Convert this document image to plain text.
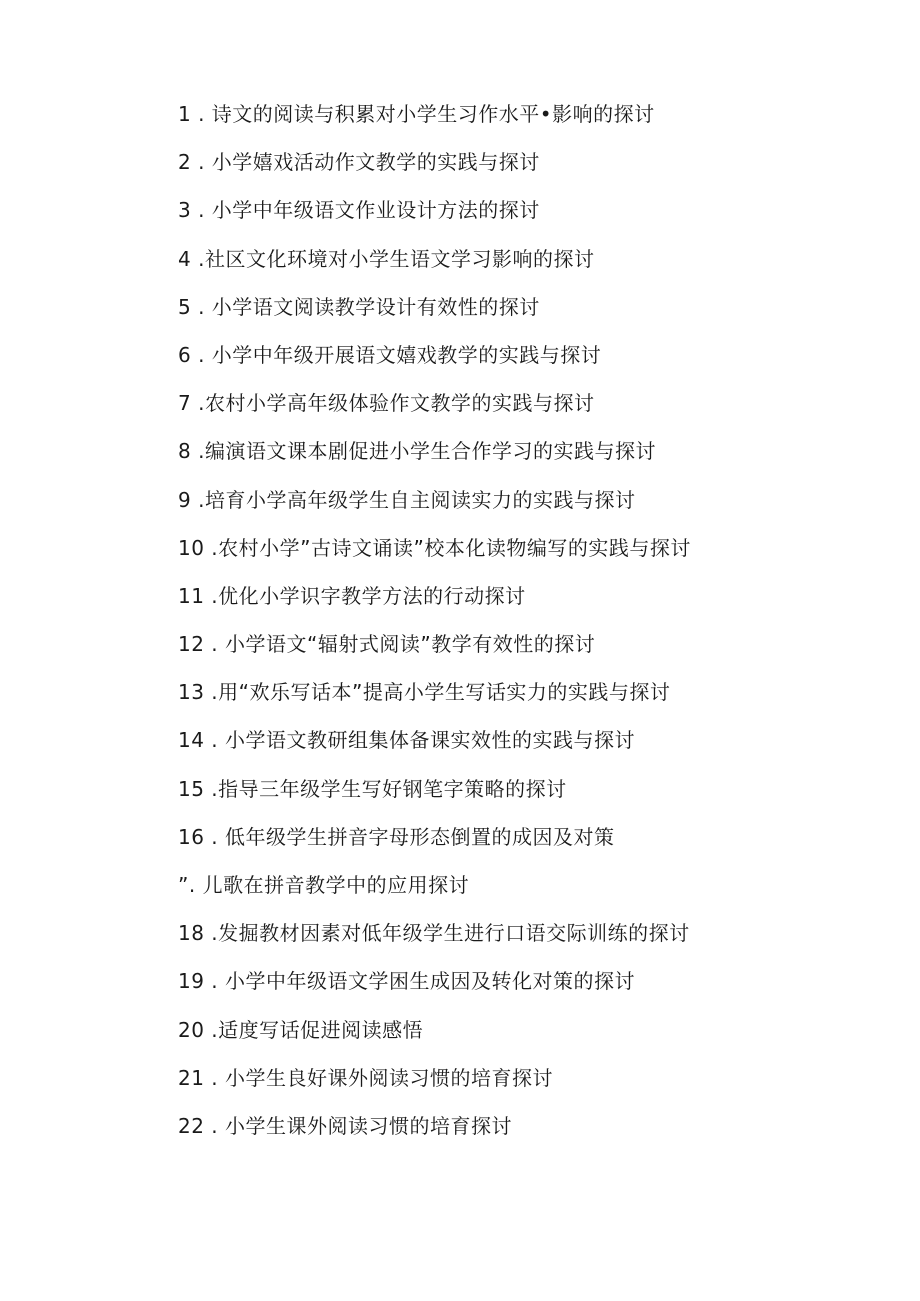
1 . 诗文的阅读与积累对小学生习作水平•影响的探讨
2 . 小学嬉戏活动作文教学的实践与探讨
3 . 小学中年级语文作业设计方法的探讨
4 .社区文化环境对小学生语文学习影响的探讨
5 . 小学语文阅读教学设计有效性的探讨
6 . 小学中年级开展语文嬉戏教学的实践与探讨
7 .农村小学高年级体验作文教学的实践与探讨
8 .编演语文课本剧促进小学生合作学习的实践与探讨
9 .培育小学高年级学生自主阅读实力的实践与探讨
10 .农村小学”古诗文诵读”校本化读物编写的实践与探讨
11 .优化小学识字教学方法的行动探讨
12 . 小学语文“辐射式阅读”教学有效性的探讨
13 .用“欢乐写话本”提高小学生写话实力的实践与探讨
14 . 小学语文教研组集体备课实效性的实践与探讨
15 .指导三年级学生写好钢笔字策略的探讨
16 . 低年级学生拼音字母形态倒置的成因及对策
”. 儿歌在拼音教学中的应用探讨
18 .发掘教材因素对低年级学生进行口语交际训练的探讨
19 . 小学中年级语文学困生成因及转化对策的探讨
20 .适度写话促进阅读感悟
21 . 小学生良好课外阅读习惯的培育探讨
22 . 小学生课外阅读习惯的培育探讨
